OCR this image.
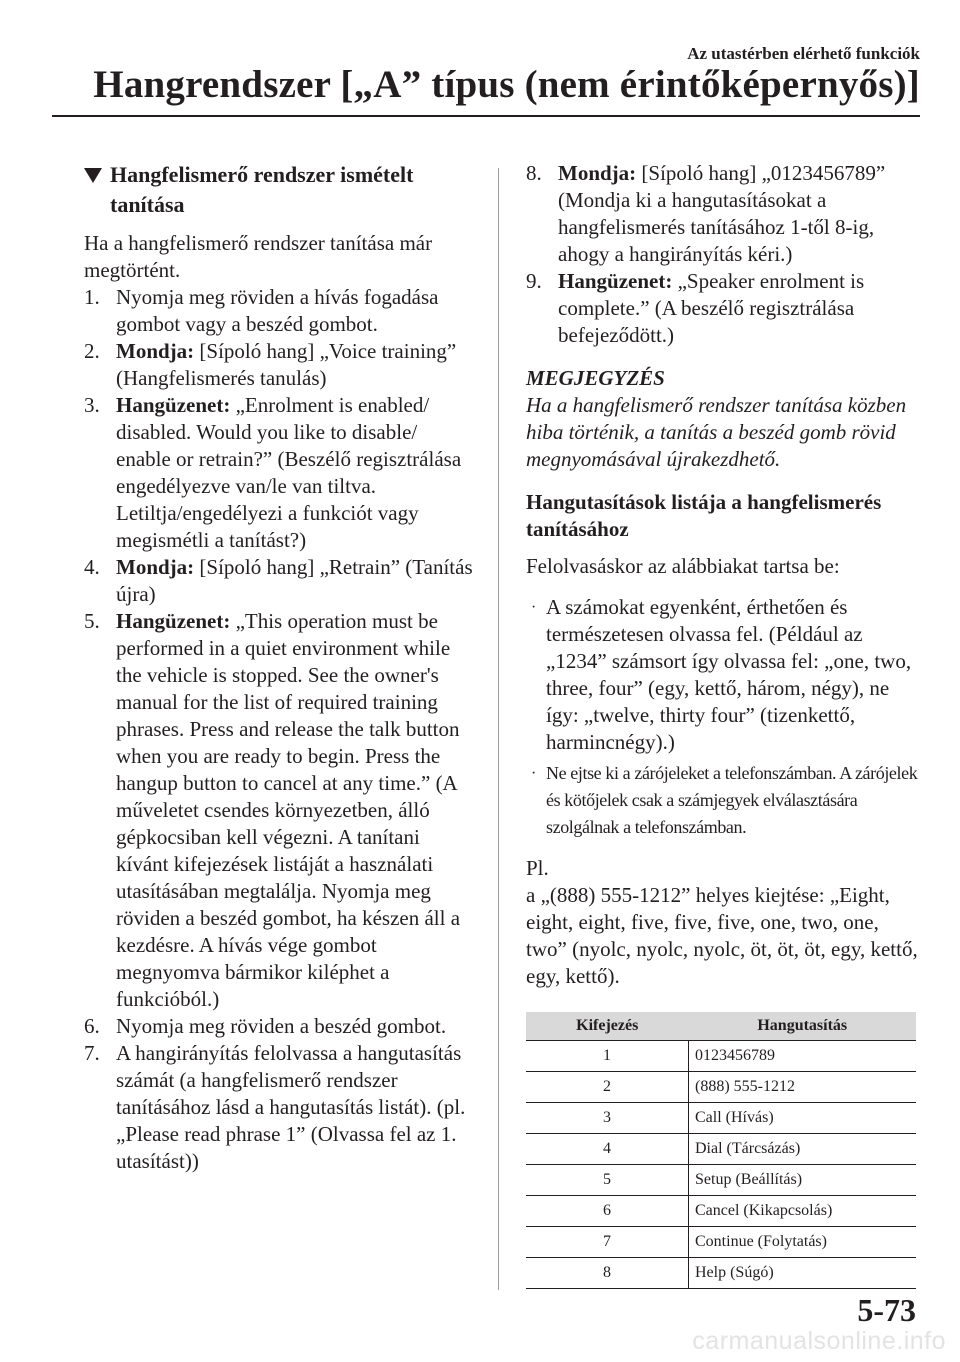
Az utastérben elérhető funkciók
Hangrendszer [„A” típus (nem érintőképernyős)]
Hangfelismerő rendszer ismételt
tanítása
Ha a hangfelismerő rendszer tanítása már megtörtént.
1. Nyomja meg röviden a hívás fogadása gombot vagy a beszéd gombot.
2. Mondja: [Sípoló hang] „Voice training” (Hangfelismerés tanulás)
3. Hangüzenet: „Enrolment is enabled/ disabled. Would you like to disable/ enable or retrain?” (Beszélő regisztrálása engedélyezve van/le van tiltva. Letiltja/engedélyezi a funkciót vagy megismétli a tanítást?)
4. Mondja: [Sípoló hang] „Retrain” (Tanítás újra)
5. Hangüzenet: „This operation must be performed in a quiet environment while the vehicle is stopped. See the owner's manual for the list of required training phrases. Press and release the talk button when you are ready to begin. Press the hangup button to cancel at any time.” (A műveletet csendes környezetben, álló gépkocsiban kell végezni. A tanítani kívánt kifejezések listáját a használati utasításában megtalálja. Nyomja meg röviden a beszéd gombot, ha készen áll a kezdésre. A hívás vége gombot megnyomva bármikor kiléphet a funkcióból.)
6. Nyomja meg röviden a beszéd gombot.
7. A hangirányítás felolvassa a hangutasítás számát (a hangfelismerő rendszer tanításához lásd a hangutasítás listát). (pl. „Please read phrase 1” (Olvassa fel az 1. utasítást))
8. Mondja: [Sípoló hang] „0123456789” (Mondja ki a hangutasításokat a hangfelismerés tanításához 1-től 8-ig, ahogy a hangirányítás kéri.)
9. Hangüzenet: „Speaker enrolment is complete.” (A beszélő regisztrálása befejeződött.)
MEGJEGYZÉS
Ha a hangfelismerő rendszer tanítása közben hiba történik, a tanítás a beszéd gomb rövid megnyomásával újrakezdhető.
Hangutasítások listája a hangfelismerés tanításához
Felolvasáskor az alábbiakat tartsa be:
· A számokat egyenként, érthetően és természetesen olvassa fel. (Például az „1234” számsort így olvassa fel: „one, two, three, four” (egy, kettő, három, négy), ne így: „twelve, thirty four” (tizenkettő, harmincnégy).)
· Ne ejtse ki a zárójeleket a telefonszámban. A zárójelek és kötőjelek csak a számjegyek elválasztására szolgálnak a telefonszámban.
Pl.
a „(888) 555-1212” helyes kiejtése: „Eight, eight, eight, five, five, five, one, two, one, two” (nyolc, nyolc, nyolc, öt, öt, öt, egy, kettő, egy, kettő).
Kifejezés	Hangutasítás
1	0123456789
2	(888) 555-1212
3	Call (Hívás)
4	Dial (Tárcsázás)
5	Setup (Beállítás)
6	Cancel (Kikapcsolás)
7	Continue (Folytatás)
8	Help (Súgó)
5-73
carmanualsonline.info
